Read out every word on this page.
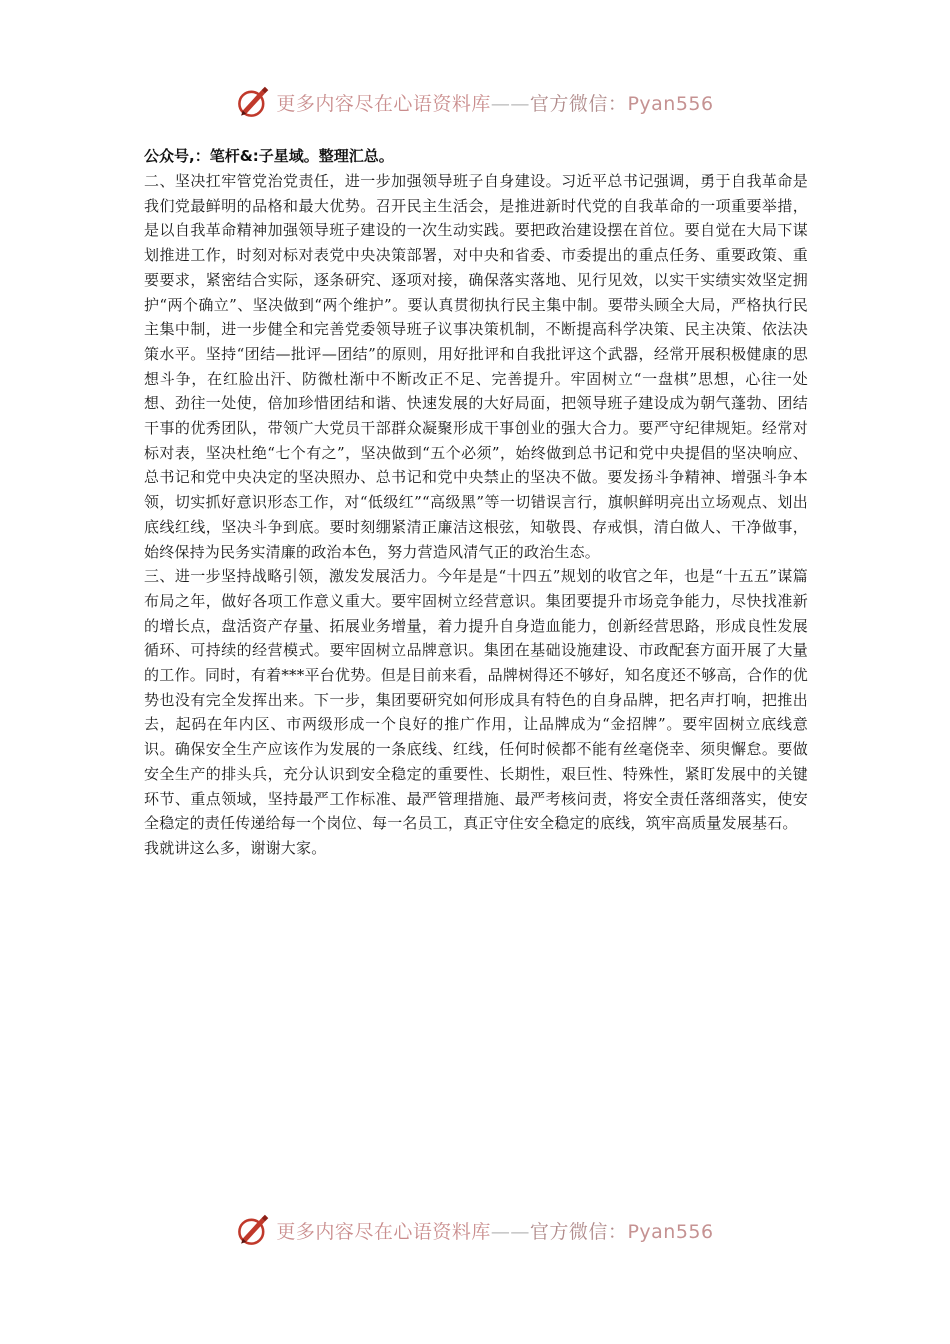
更多内容尽在心语资料库——官方微信：Pyan556
公众号,：笔杆&:子星域。整理汇总。

二、坚决扛牢管党治党责任，进一步加强领导班子自身建设。习近平总书记强调，勇于自我革命是我们党最鲜明的品格和最大优势。召开民主生活会，是推进新时代党的自我革命的一项重要举措，是以自我革命精神加强领导班子建设的一次生动实践。要把政治建设摆在首位。要自觉在大局下谋划推进工作，时刻对标对表党中央决策部署，对中央和省委、市委提出的重点任务、重要政策、重要要求，紧密结合实际，逐条研究、逐项对接，确保落实落地、见行见效，以实干实绩实效坚定拥护“两个确立”、坚决做到“两个维护”。要认真贯彻执行民主集中制。要带头顾全大局，严格执行民主集中制，进一步健全和完善党委领导班子议事决策机制，不断提高科学决策、民主决策、依法决策水平。坚持“团结—批评—团结”的原则，用好批评和自我批评这个武器，经常开展积极健康的思想斗争，在红脸出汗、防微杜渐中不断改正不足、完善提升。牢固树立“一盘棋”思想，心往一处想、劲往一处使，倍加珍惜团结和谐、快速发展的大好局面，把领导班子建设成为朝气蓬勃、团结干事的优秀团队，带领广大党员干部群众凝聚形成干事创业的强大合力。要严守纪律规矩。经常对标对表，坚决杜绝“七个有之”，坚决做到“五个必须”，始终做到总书记和党中央提倡的坚决响应、总书记和党中央决定的坚决照办、总书记和党中央禁止的坚决不做。要发扬斗争精神、增强斗争本领，切实抓好意识形态工作，对“低级红”“高级黑”等一切错误言行，旗帜鲜明亮出立场观点、划出底线红线，坚决斗争到底。要时刻绷紧清正廉洁这根弦，知敬畏、存戒惧，清白做人、干净做事，始终保持为民务实清廉的政治本色，努力营造风清气正的政治生态。

三、进一步坚持战略引领，激发发展活力。今年是是“十四五”规划的收官之年，也是“十五五”谋篇布局之年，做好各项工作意义重大。要牢固树立经营意识。集团要提升市场竞争能力，尽快找准新的增长点，盘活资产存量、拓展业务增量，着力提升自身造血能力，创新经营思路，形成良性发展循环、可持续的经营模式。要牢固树立品牌意识。集团在基础设施建设、市政配套方面开展了大量的工作。同时，有着***平台优势。但是目前来看，品牌树得还不够好，知名度还不够高，合作的优势也没有完全发挥出来。下一步，集团要研究如何形成具有特色的自身品牌，把名声打响，把推出去，起码在年内区、市两级形成一个良好的推广作用，让品牌成为“金招牌”。要牢固树立底线意识。确保安全生产应该作为发展的一条底线、红线，任何时候都不能有丝毫侥幸、须臾懈怠。要做安全生产的排头兵，充分认识到安全稳定的重要性、长期性，艰巨性、特殊性，紧盯发展中的关键环节、重点领域，坚持最严工作标准、最严管理措施、最严考核问责，将安全责任落细落实，使安全稳定的责任传递给每一个岗位、每一名员工，真正守住安全稳定的底线，筑牢高质量发展基石。

我就讲这么多，谢谢大家。

更多内容尽在心语资料库——官方微信：Pyan556
